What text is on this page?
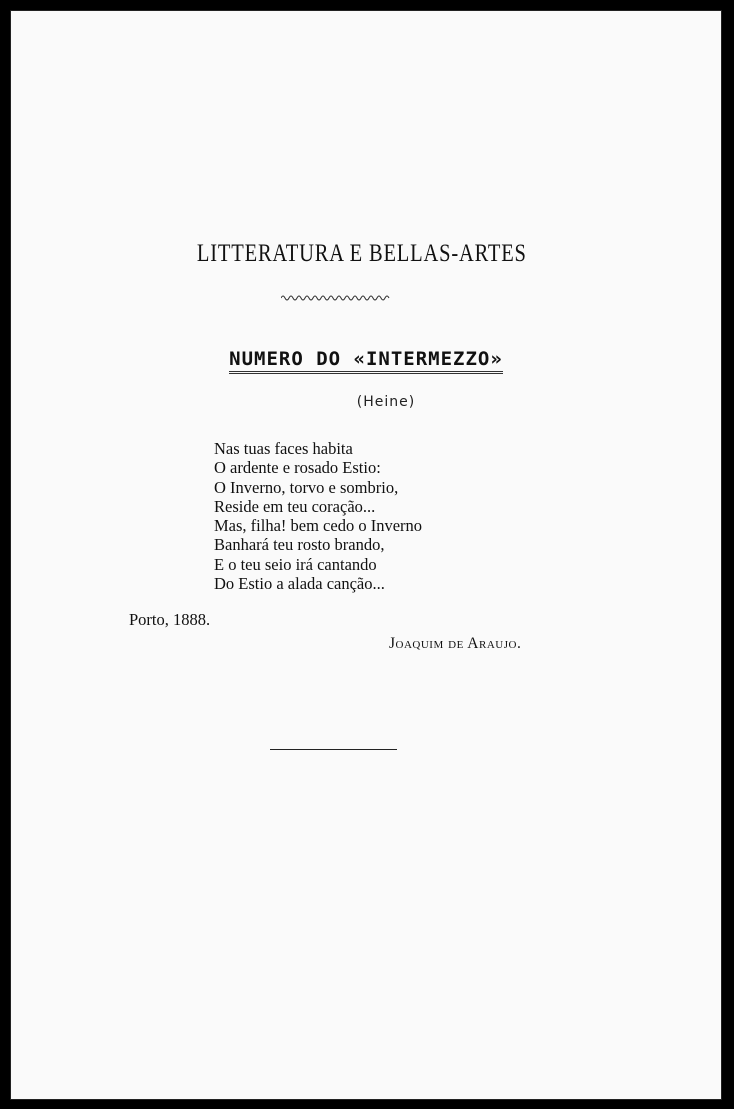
LITTERATURA E BELLAS-ARTES
NUMERO DO «INTERMEZZO»
(Heine)
Nas tuas faces habita
O ardente e rosado Estio:
O Inverno, torvo e sombrio,
Reside em teu coração...
Mas, filha! bem cedo o Inverno
Banhará teu rosto brando,
E o teu seio irá cantando
Do Estio a alada canção...
Porto, 1888.
Joaquim de Araujo.
